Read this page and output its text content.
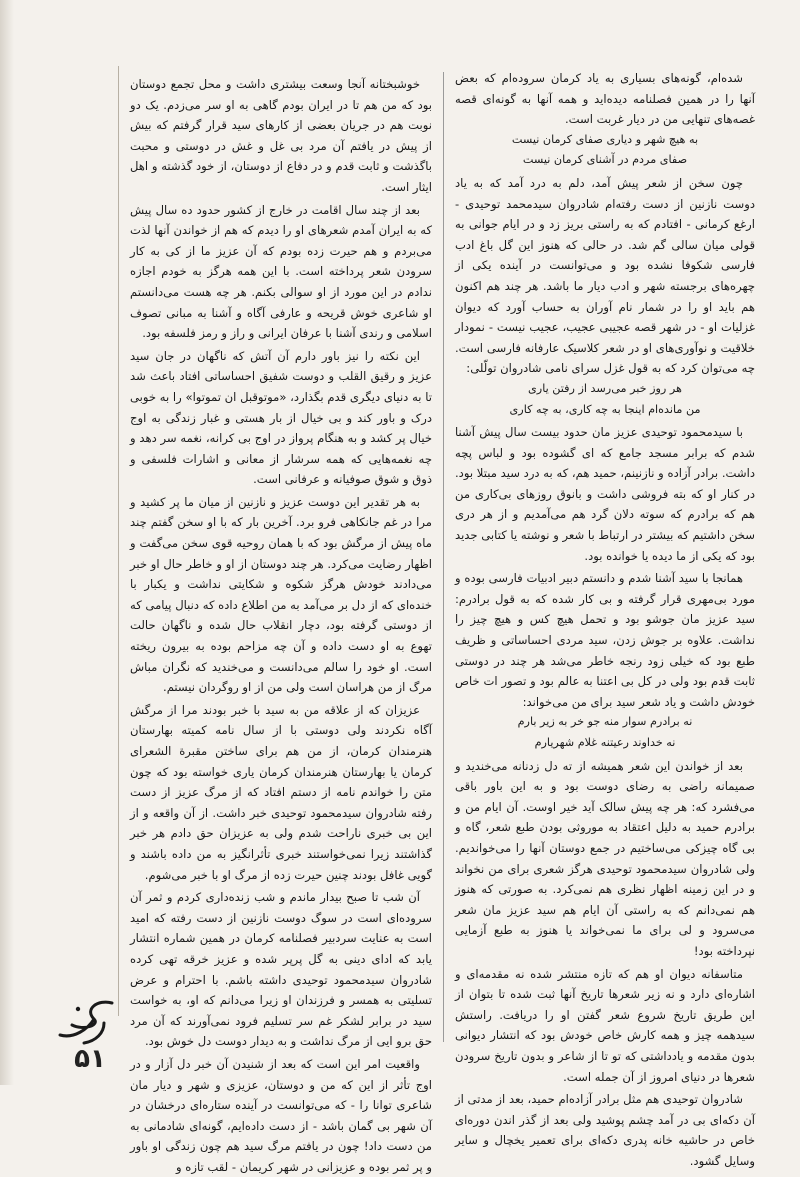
شده‌ام، گونه‌های بسیاری به یاد کرمان سروده‌ام که بعض آنها را در همین فصلنامه دیده‌اید و همه آنها به گونه‌ای قصه غصه‌های تنهایی من در دیار غربت است.

به هیچ شهر و دیاری صفای کرمان نیست

صفای مردم در آشنای کرمان نیست

چون سخن از شعر پیش آمد، دلم به درد آمد که به یاد دوست نازنین از دست رفته‌ام شادروان سیدمحمد توحیدی - ارغع کرمانی - افتادم که به راستی بریز زد و در ایام جوانی به قولی میان سالی گم شد. در حالی که هنوز این گل باغ ادب فارسی شکوفا نشده بود و می‌توانست در آینده یکی از چهره‌های برجسته شهر و ادب دیار ما باشد. هر چند هم اکنون هم باید او را در شمار نام آوران به حساب آورد که دیوان غزلیات او - در شهر قصه عجیبی عجیب، عجیب نیست - نمودار خلاقیت و نوآوری‌های او در شعر کلاسیک عارفانه فارسی است. چه می‌توان کرد که به قول غزل سرای نامی شادروان تولّلی:

هر روز خبر می‌رسد از رفتن یاری

من مانده‌ام اینجا به چه کاری، به چه کاری

با سیدمحمود توحیدی عزیز مان حدود بیست سال پیش آشنا شدم که برابر مسجد جامع که ای گشوده بود و لباس پچه داشت. برادر آزاده و نازنینم، حمید هم، که به درد سید مبتلا بود. در کنار او که بته فروشی داشت و بانوق روزهای بی‌کاری من هم که برادرم که سوته دلان گرد هم می‌آمدیم و از هر دری سخن داشتیم که بیشتر در ارتباط با شعر و نوشته یا کتابی جدید بود که یکی از ما دیده یا خوانده بود.

همانجا با سید آشنا شدم و دانستم دبیر ادبیات فارسی بوده و مورد بی‌مهری قرار گرفته و بی کار شده که به قول برادرم: سید عزیز مان جوشو بود و تحمل هیچ کس و هیچ چیز را نداشت. علاوه بر جوش زدن، سید مردی احساساتی و ظریف طبع بود که خیلی زود رنجه خاطر می‌شد هر چند در دوستی ثابت قدم بود ولی در کل بی اعتنا به عالم بود و تصور ات خاص خودش داشت و یاد شعر سید برای من می‌خواند:

نه برادرم سوار منه جو خر به زیر بارم

نه خداوند رعیتنه غلام شهریارم

بعد از خواندن این شعر همیشه از ته دل زدنانه می‌خندید و صمیمانه راضی به رضای دوست بود و به این باور باقی می‌فشرد که: هر چه پیش سالک آید خیر اوست. آن ایام من و برادرم حمید به دلیل اعتقاد به موروثی بودن طبع شعر، گاه و بی گاه چیزکی می‌ساختیم در جمع دوستان آنها را می‌خواندیم. ولی شادروان سیدمحمود توحیدی هرگز شعری برای من نخواند و در این زمینه اظهار نظری هم نمی‌کرد. به صورتی که هنوز هم نمی‌دانم که به راستی آن ایام هم سید عزیز مان شعر می‌سرود و لی برای ما نمی‌خواند یا هنوز به طبع آزمایی نپرداخته بود!

متاسفانه دیوان او هم که تازه منتشر شده نه مقدمه‌ای و اشاره‌ای دارد و نه زیر شعرها تاریخ آنها ثبت شده تا بتوان از این طریق تاریخ شروع شعر گفتن او را دریافت. راستش سیدهمه چیز و همه کارش خاص خودش بود که انتشار دیوانی بدون مقدمه و یادداشتی که تو تا از شاعر و بدون تاریخ سرودن شعرها در دنیای امروز از آن جمله است.

شادروان توحیدی هم مثل برادر آزاده‌ام حمید، بعد از مدتی از آن دکه‌ای بی در آمد چشم پوشید ولی بعد از گذر اندن دوره‌ای خاص در حاشیه خانه پدری دکه‌ای برای تعمیر یخچال و سایر وسایل گشود.

خوشبختانه آنجا وسعت بیشتری داشت و محل تجمع دوستان بود که من هم تا در ایران بودم گاهی به او سر می‌زدم. یک دو نوبت هم در جریان بعضی از کارهای سید قرار گرفتم که بیش از پیش در یافتم آن مرد بی غل و غش در دوستی و محبت باگذشت و ثابت قدم و در دفاع از دوستان، از خود گذشته و اهل ایثار است.

بعد از چند سال اقامت در خارج از کشور حدود ده سال پیش که به ایران آمدم شعرهای او را دیدم که هم از خواندن آنها لذت می‌بردم و هم حیرت زده بودم که آن عزیز ما از کی به کار سرودن شعر پرداخته است. با این همه هرگز به خودم اجازه ندادم در این مورد از او سوالی بکنم. هر چه هست می‌دانستم او شاعری خوش قریحه و عارفی آگاه و آشنا به مبانی تصوف اسلامی و رندی آشنا با عرفان ایرانی و راز و رمز فلسفه بود.

این نکته را نیز باور دارم آن آتش که ناگهان در جان سید عزیز و رقیق القلب و دوست شفیق احساساتی افتاد باعث شد تا به دنیای دیگری قدم بگذارد، «موتوقبل ان تموتوا» را به خوبی درک و باور کند و بی خیال از بار هستی و غبار زندگی به اوج خیال پر کشد و به هنگام پرواز در اوج بی کرانه، نغمه سر دهد و چه نغمه‌هایی که همه سرشار از معانی و اشارات فلسفی و ذوق و شوق صوفیانه و عرفانی است.

به هر تقدیر این دوست عزیز و نازنین از میان ما پر کشید و مرا در غم جانکاهی فرو برد. آخرین بار که با او سخن گفتم چند ماه پیش از مرگش بود که با همان روحیه قوی سخن می‌گفت و اظهار رضایت می‌کرد. هر چند دوستان از او و خاطر حال او خبر می‌دادند خودش هرگز شکوه و شکایتی نداشت و یکبار با خنده‌ای که از دل بر می‌آمد به من اطلاع داده که دنبال پیامی که از دوستی گرفته بود، دچار انقلاب حال شده و ناگهان حالت تهوع به او دست داده و آن چه مزاحم بوده به بیرون ریخته است. او خود را سالم می‌دانست و می‌خندید که نگران مباش مرگ از من هراسان است ولی من از او روگردان نیستم.

عزیزان که از علاقه من به سید با خبر بودند مرا از مرگش آگاه نکردند ولی دوستی با از سال نامه کمیته بهارستان هنرمندان کرمان، از من هم برای ساختن مقبرة الشعرای کرمان یا بهارستان هنرمندان کرمان یاری خواسته بود که چون متن را خواندم نامه از دستم افتاد که از مرگ عزیز از دست رفته شادروان سیدمحمود توحیدی خبر داشت. از آن واقعه و از این بی خبری ناراحت شدم ولی به عزیزان حق دادم هر خبر گذاشتند زیرا نمی‌خواستند خبری تأثرانگیز به من داده باشند و گویی غافل بودند چنین حیرت زده از مرگ او با خبر می‌شوم.

آن شب تا صبح بیدار ماندم و شب زنده‌داری کردم و ثمر آن سروده‌ای است در سوگ دوست نازنین از دست رفته که امید است به عنایت سردبیر فصلنامه کرمان در همین شماره انتشار یابد که ادای دینی به گل پرپر شده و عزیز خرقه تهی کرده شادروان سیدمحمود توحیدی داشته باشم. با احترام و عرض تسلیتی به همسر و فرزندان او زیرا می‌دانم که او، به خواست سید در برابر لشکر غم سر تسلیم فرود نمی‌آورند که آن مرد حق برو ایی از مرگ نداشت و به دیدار دوست دل خوش بود.

واقعیت امر این است که بعد از شنیدن آن خبر دل آزار و در اوج تأثر از این که من و دوستان، عزیزی و شهر و دیار مان شاعری توانا را - که می‌توانست در آینده ستاره‌ای درخشان در آن شهر بی گمان باشد - از دست داده‌ایم، گونه‌ای شادمانی به من دست داد! چون در یافتم مرگ سید هم چون زندگی او باور و پر ثمر بوده و عزیزانی در شهر کریمان - لقب تازه و

۵۱
